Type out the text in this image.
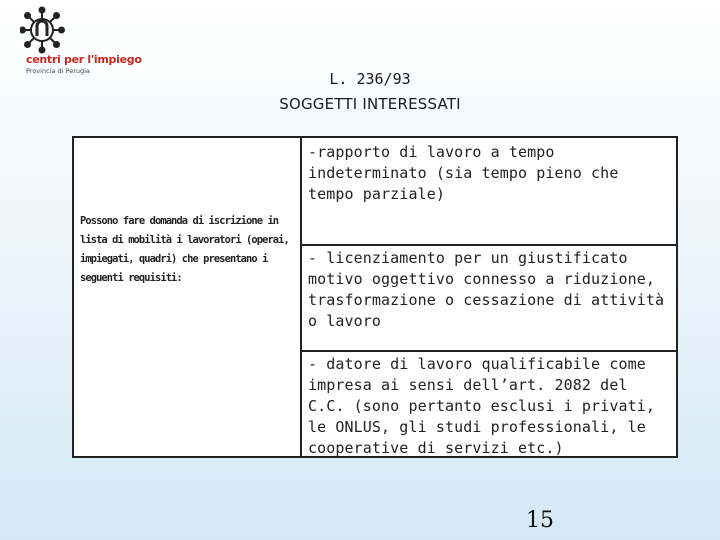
centri per l'impiego
Provincia di Perugia	L. 236/93
SOGGETTI INTERESSATI
Possono fare domanda di iscrizione in lista di mobilità i lavoratori (operai, impiegati, quadri) che presentano i seguenti requisiti:
-rapporto di lavoro a tempo indeterminato (sia tempo pieno che tempo parziale)
- licenziamento per un giustificato motivo oggettivo connesso a riduzione, trasformazione o cessazione di attività o lavoro
- datore di lavoro qualificabile come impresa ai sensi dell’art. 2082 del C.C. (sono pertanto esclusi i privati, le ONLUS, gli studi professionali, le cooperative di servizi etc.)
15
